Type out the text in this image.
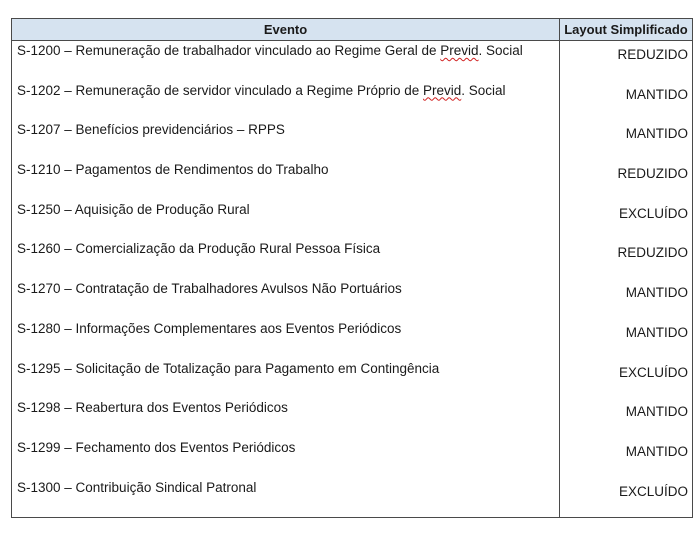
Evento	Layout Simplificado
S-1200 – Remuneração de trabalhador vinculado ao Regime Geral de Previd. Social	REDUZIDO
S-1202 – Remuneração de servidor vinculado a Regime Próprio de Previd. Social	MANTIDO
S-1207 – Benefícios previdenciários – RPPS	MANTIDO
S-1210 – Pagamentos de Rendimentos do Trabalho	REDUZIDO
S-1250 – Aquisição de Produção Rural	EXCLUÍDO
S-1260 – Comercialização da Produção Rural Pessoa Física	REDUZIDO
S-1270 – Contratação de Trabalhadores Avulsos Não Portuários	MANTIDO
S-1280 – Informações Complementares aos Eventos Periódicos	MANTIDO
S-1295 – Solicitação de Totalização para Pagamento em Contingência	EXCLUÍDO
S-1298 – Reabertura dos Eventos Periódicos	MANTIDO
S-1299 – Fechamento dos Eventos Periódicos	MANTIDO
S-1300 – Contribuição Sindical Patronal	EXCLUÍDO
